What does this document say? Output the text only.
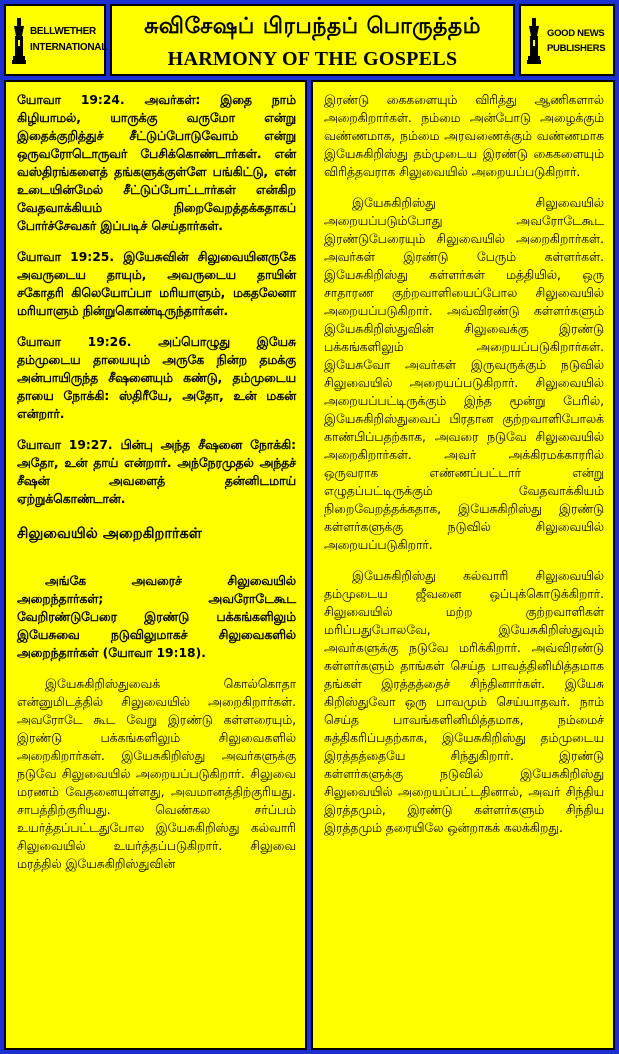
BELLWETHER
INTERNATIONAL
சுவிசேஷப் பிரபந்தப் பொருத்தம்
HARMONY OF THE GOSPELS
GOOD NEWS
PUBLISHERS

யோவா 19:24. அவர்கள்: இதை நாம் கிழியாமல், யாருக்கு வருமோ என்று இதைக்குறித்துச் சீட்டுப்போடுவோம் என்று ஒருவரோடொருவர் பேசிக்கொண்டார்கள். என் வஸ்திரங்களைத் தங்களுக்குள்ளே பங்கிட்டு, என் உடையின்மேல் சீட்டுப்போட்டார்கள் என்கிற வேதவாக்கியம் நிறைவேறத்தக்கதாகப் போர்ச்சேவகர் இப்படிச் செய்தார்கள்.

யோவா 19:25. இயேசுவின் சிலுவையினருகே அவருடைய தாயும், அவருடைய தாயின் சகோதரி கிலெயோப்பா மரியாளும், மகதலேனா மரியாளும் நின்றுகொண்டிருந்தார்கள்.

யோவா 19:26. அப்பொழுது இயேசு தம்முடைய தாயையும் அருகே நின்ற தமக்கு அன்பாயிருந்த சீஷனையும் கண்டு, தம்முடைய தாயை நோக்கி: ஸ்திரீயே, அதோ, உன் மகன் என்றார்.

யோவா 19:27. பின்பு அந்த சீஷனை நோக்கி: அதோ, உன் தாய் என்றார். அந்நேரமுதல் அந்தச் சீஷன் அவளைத் தன்னிடமாய் ஏற்றுக்கொண்டான்.

சிலுவையில் அறைகிறார்கள்

அங்கே அவரைச் சிலுவையில் அறைந்தார்கள்; அவரோடேகூட வேறிரண்டுபேரை இரண்டு பக்கங்களிலும் இயேசுவை நடுவிலுமாகச் சிலுவைகளில் அறைந்தார்கள் (யோவா 19:18).

இயேசுகிறிஸ்துவைக் கொல்கொதா என்னுமிடத்தில் சிலுவையில் அறைகிறார்கள். அவரோடே கூட வேறு இரண்டு கள்ளரையும், இரண்டு பக்கங்களிலும் சிலுவைகளில் அறைகிறார்கள். இயேசுகிறிஸ்து அவர்களுக்கு நடுவே சிலுவையில் அறையப்படுகிறார். சிலுவை மரணம் வேதனையுள்ளது, அவமானத்திற்குரியது. சாபத்திற்குரியது. வெண்கல சர்ப்பம் உயர்த்தப்பட்டதுபோல இயேசுகிறிஸ்து கல்வாரி சிலுவையில் உயர்த்தப்படுகிறார். சிலுவை மரத்தில் இயேசுகிறிஸ்துவின்

இரண்டு கைகளையும் விரித்து ஆணிகளால் அறைகிறார்கள். நம்மை அன்போடு அழைக்கும் வண்ணமாக, நம்மை அரவணைக்கும் வண்ணமாக இயேசுகிறிஸ்து தம்முடைய இரண்டு கைகளையும் விரித்தவராக சிலுவையில் அறையப்படுகிறார்.

இயேசுகிறிஸ்து சிலுவையில் அறையப்படும்போது அவரோடேகூட இரண்டுபேரையும் சிலுவையில் அறைகிறார்கள். அவர்கள் இரண்டு பேரும் கள்ளர்கள். இயேசுகிறிஸ்து கள்ளர்கள் மத்தியில், ஒரு சாதாரண குற்றவாளியைப்போல சிலுவையில் அறையப்படுகிறார். அவ்விரண்டு கள்ளர்களும் இயேசுகிறிஸ்துவின் சிலுவைக்கு இரண்டு பக்கங்களிலும் அறையப்படுகிறார்கள். இயேசுவோ அவர்கள் இருவருக்கும் நடுவில் சிலுவையில் அறையப்படுகிறார். சிலுவையில் அறையப்பட்டிருக்கும் இந்த மூன்று பேரில், இயேசுகிறிஸ்துவைப் பிரதான குற்றவாளிபோலக் காண்பிப்பதற்காக, அவரை நடுவே சிலுவையில் அறைகிறார்கள். அவர் அக்கிரமக்காரரில் ஒருவராக எண்ணப்பட்டார் என்று எழுதப்பட்டிருக்கும் வேதவாக்கியம் நிறைவேறத்தக்கதாக, இயேசுகிறிஸ்து இரண்டு கள்ளர்களுக்கு நடுவில் சிலுவையில் அறையப்படுகிறார்.

இயேசுகிறிஸ்து கல்வாரி சிலுவையில் தம்முடைய ஜீவனை ஒப்புக்கொடுக்கிறார். சிலுவையில் மற்ற குற்றவாளிகள் மரிப்பதுபோலவே, இயேசுகிறிஸ்துவும் அவர்களுக்கு நடுவே மரிக்கிறார். அவ்விரண்டு கள்ளர்களும் தாங்கள் செய்த பாவத்தினிமித்தமாக தங்கள் இரத்தத்தைச் சிந்தினார்கள். இயேசு கிறிஸ்துவோ ஒரு பாவமும் செய்யாதவர். நாம் செய்த பாவங்களினிமித்தமாக, நம்மைச் சுத்திகரிப்பதற்காக, இயேசுகிறிஸ்து தம்முடைய இரத்தத்தையே சிந்துகிறார். இரண்டு கள்ளர்களுக்கு நடுவில் இயேசுகிறிஸ்து சிலுவையில் அறையப்பட்டதினால், அவர் சிந்திய இரத்தமும், இரண்டு கள்ளர்களும் சிந்திய இரத்தமும் தரையிலே ஒன்றாகக் கலக்கிறது.
